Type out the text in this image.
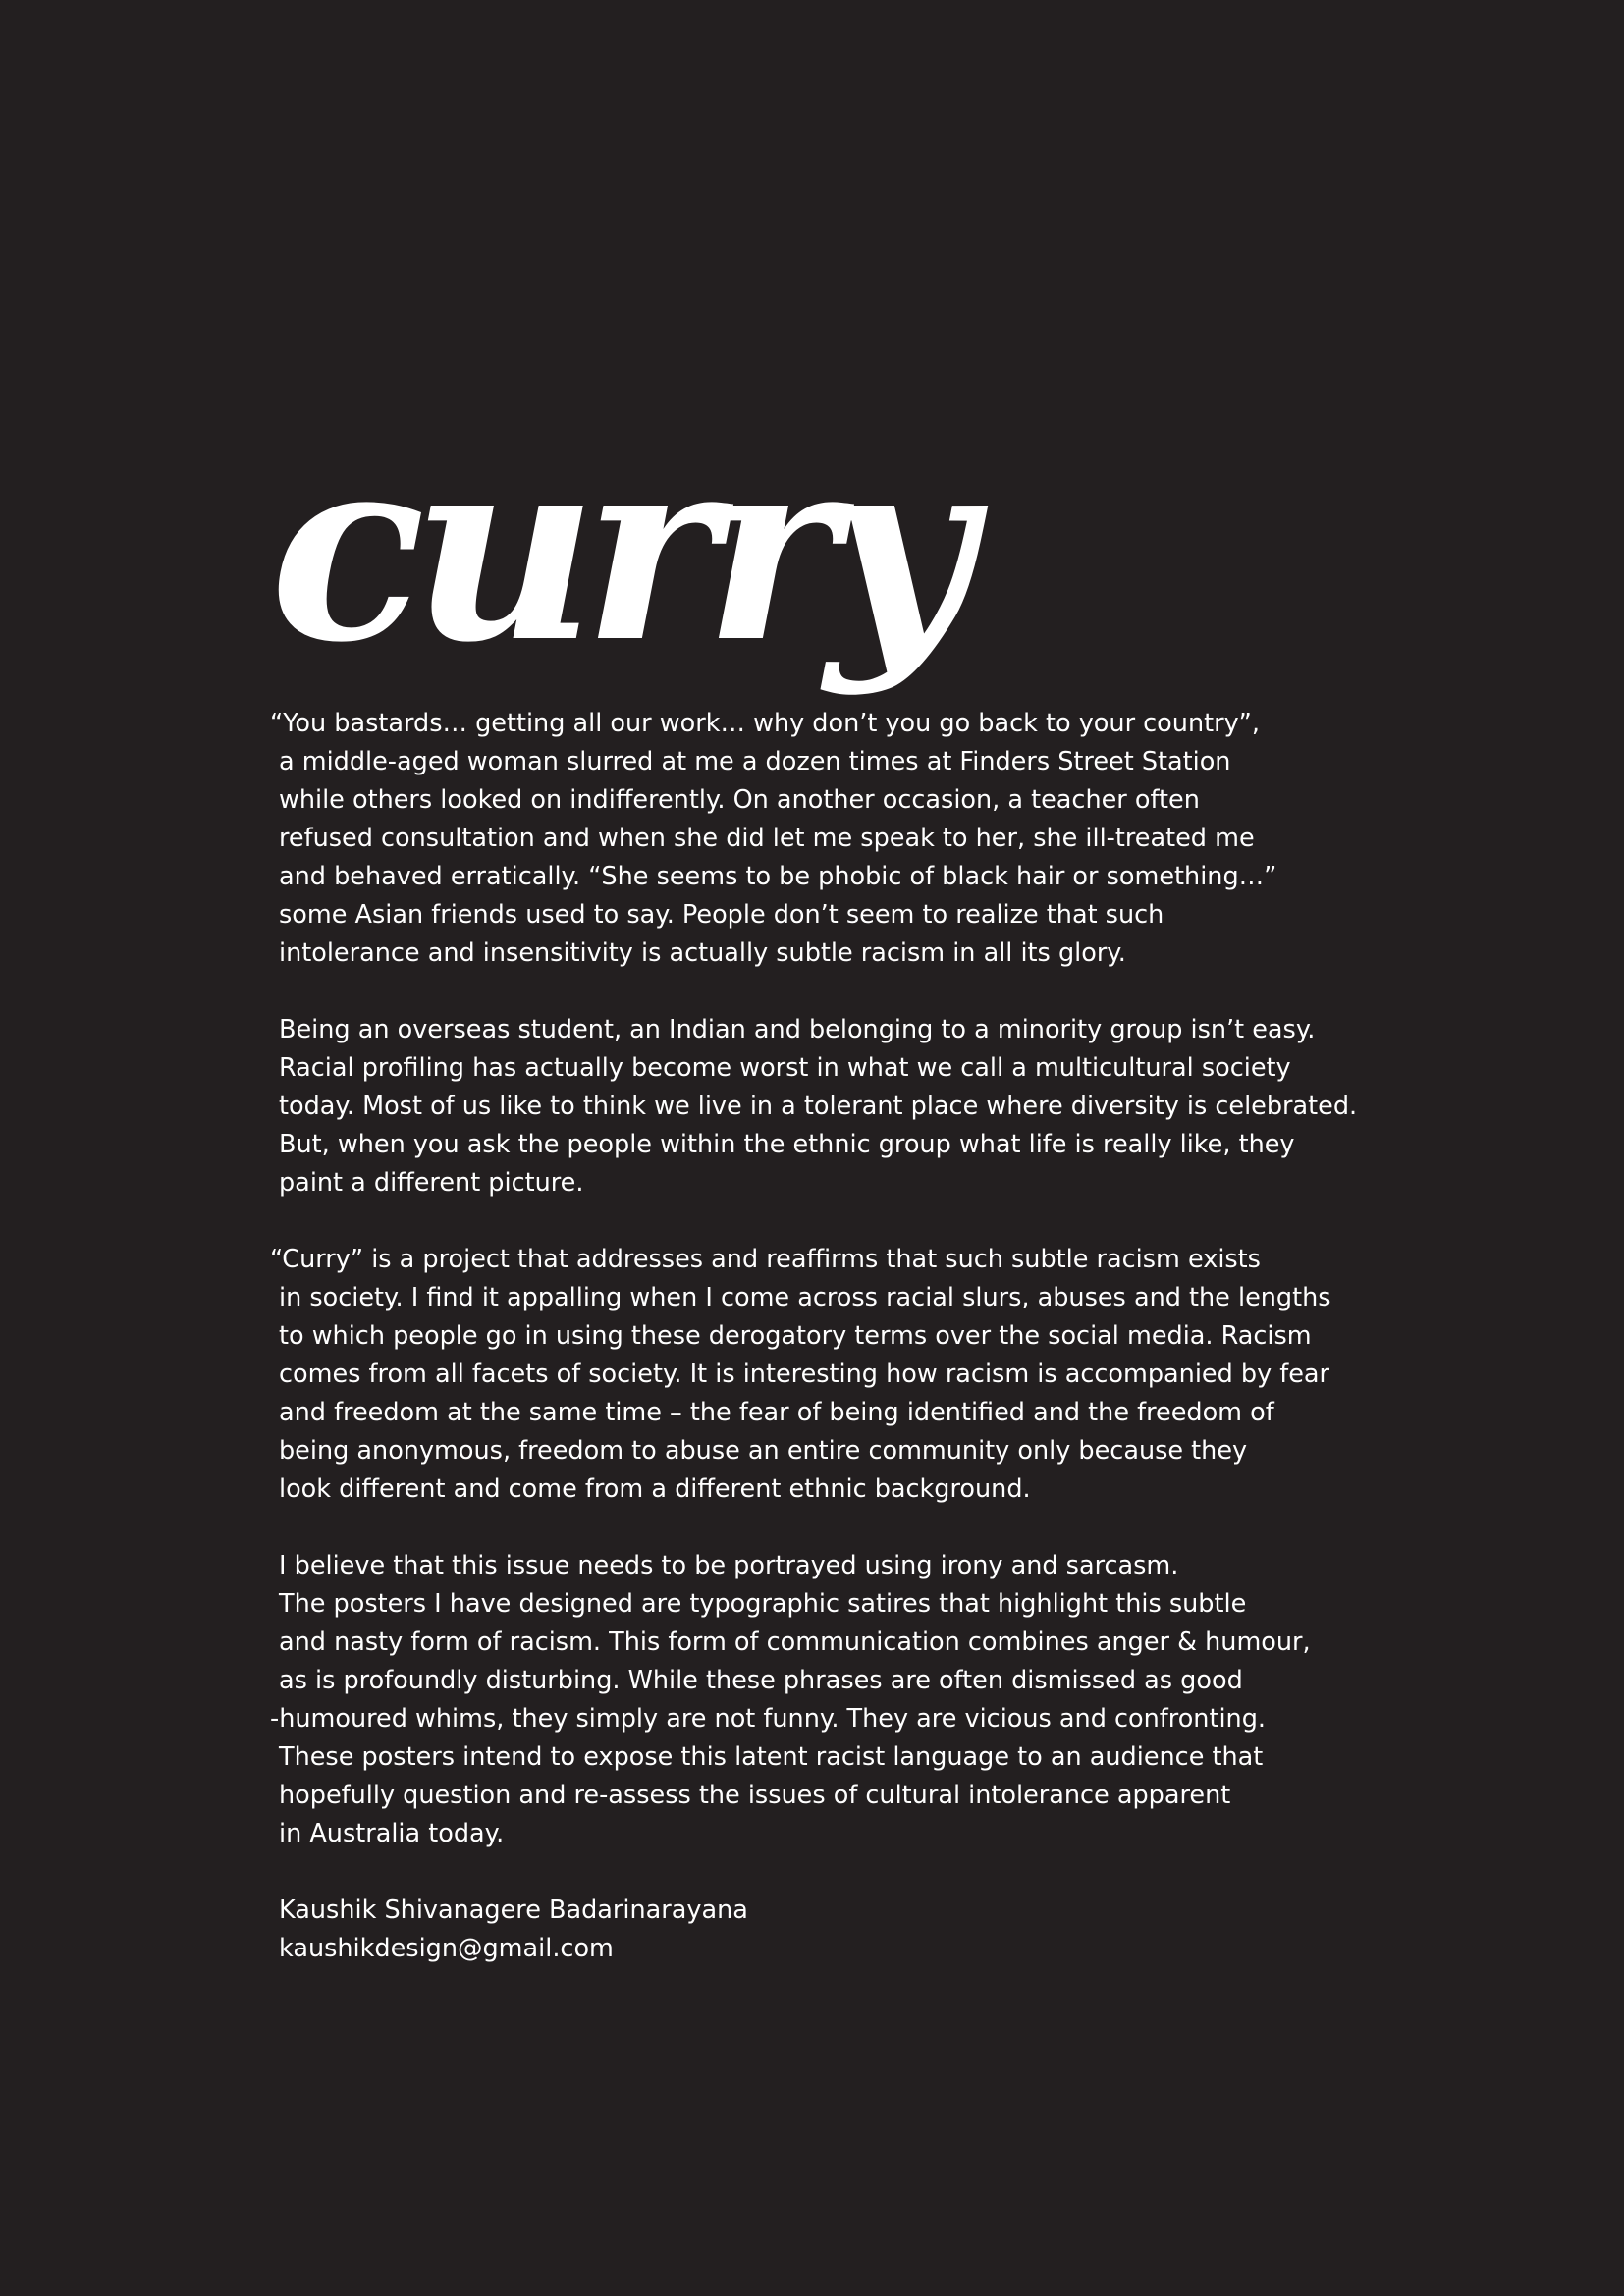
curry

“You bastards… getting all our work… why don’t you go back to your country”,
a middle-aged woman slurred at me a dozen times at Finders Street Station
while others looked on indifferently. On another occasion, a teacher often
refused consultation and when she did let me speak to her, she ill-treated me
and behaved erratically. “She seems to be phobic of black hair or something…”
some Asian friends used to say. People don’t seem to realize that such
intolerance and insensitivity is actually subtle racism in all its glory.

Being an overseas student, an Indian and belonging to a minority group isn’t easy.
Racial profiling has actually become worst in what we call a multicultural society
today. Most of us like to think we live in a tolerant place where diversity is celebrated.
But, when you ask the people within the ethnic group what life is really like, they
paint a different picture.

“Curry” is a project that addresses and reaffirms that such subtle racism exists
in society. I find it appalling when I come across racial slurs, abuses and the lengths
to which people go in using these derogatory terms over the social media. Racism
comes from all facets of society. It is interesting how racism is accompanied by fear
and freedom at the same time – the fear of being identified and the freedom of
being anonymous, freedom to abuse an entire community only because they
look different and come from a different ethnic background.

I believe that this issue needs to be portrayed using irony and sarcasm.
The posters I have designed are typographic satires that highlight this subtle
and nasty form of racism. This form of communication combines anger & humour,
as is profoundly disturbing. While these phrases are often dismissed as good
-humoured whims, they simply are not funny. They are vicious and confronting.
These posters intend to expose this latent racist language to an audience that
hopefully question and re-assess the issues of cultural intolerance apparent
in Australia today.

Kaushik Shivanagere Badarinarayana
kaushikdesign@gmail.com
